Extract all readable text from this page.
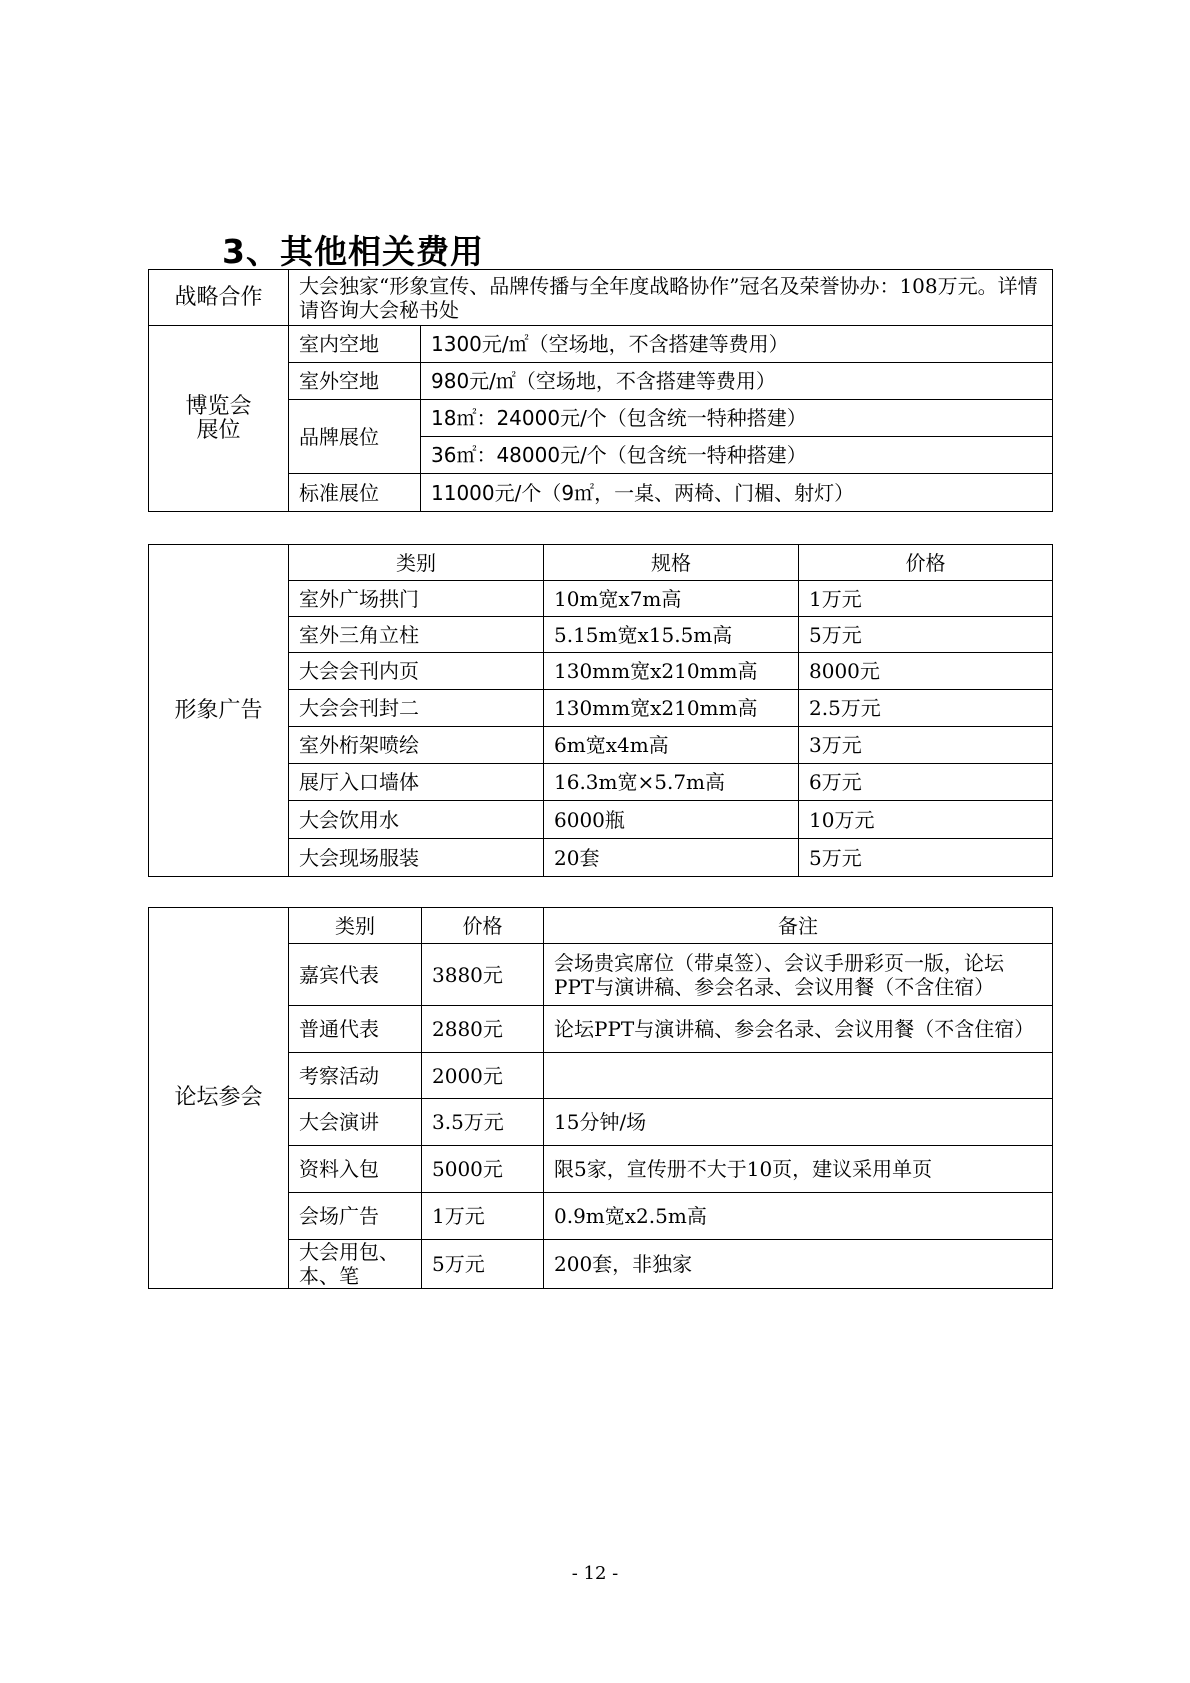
3、其他相关费用
战略合作	大会独家“形象宣传、品牌传播与全年度战略协作”冠名及荣誉协办：108万元。详情请咨询大会秘书处	
博览会
展位	室内空地	1300元/㎡（空场地，不含搭建等费用）
	室外空地	980元/㎡（空场地，不含搭建等费用）
	品牌展位	18㎡：24000元/个（包含统一特种搭建）
		36㎡：48000元/个（包含统一特种搭建）
	标准展位	11000元/个（9㎡，一桌、两椅、门楣、射灯）
形象广告	类别	规格	价格
	室外广场拱门	10m宽x7m高	1万元
	室外三角立柱	5.15m宽x15.5m高	5万元
	大会会刊内页	130mm宽x210mm高	8000元
	大会会刊封二	130mm宽x210mm高	2.5万元
	室外桁架喷绘	6m宽x4m高	3万元
	展厅入口墙体	16.3m宽×5.7m高	6万元
	大会饮用水	6000瓶	10万元
	大会现场服装	20套	5万元
论坛参会	类别	价格	备注
	嘉宾代表	3880元	会场贵宾席位（带桌签）、会议手册彩页一版，论坛PPT与演讲稿、参会名录、会议用餐（不含住宿）
	普通代表	2880元	论坛PPT与演讲稿、参会名录、会议用餐（不含住宿）
	考察活动	2000元	
	大会演讲	3.5万元	15分钟/场
	资料入包	5000元	限5家，宣传册不大于10页，建议采用单页
	会场广告	1万元	0.9m宽x2.5m高
	大会用包、本、笔	5万元	200套，非独家
- 12 -
